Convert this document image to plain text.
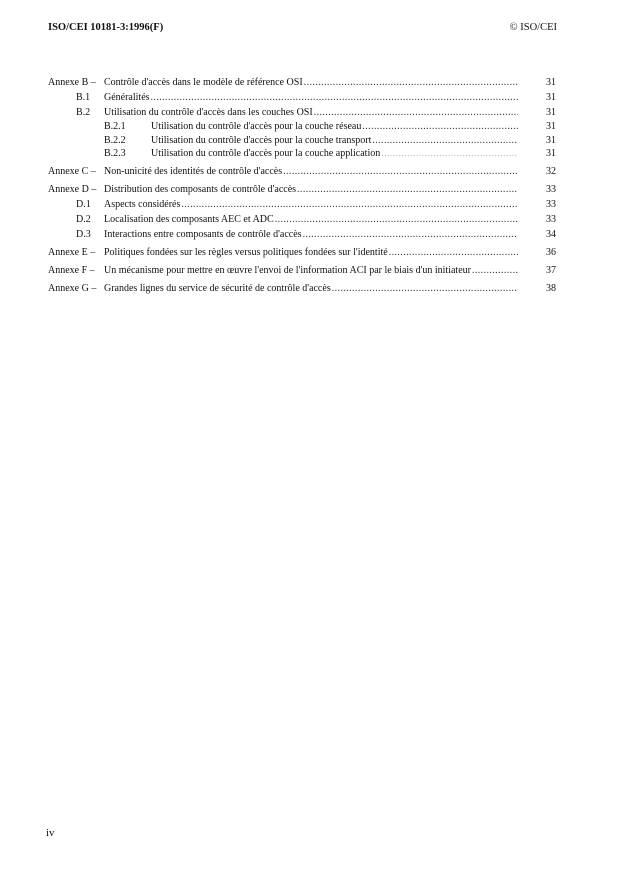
ISO/CEI 10181-3:1996(F)	© ISO/CEI
Annexe B – Contrôle d'accès dans le modèle de référence OSI .....	31
B.1 Généralités .....	31
B.2 Utilisation du contrôle d'accès dans les couches OSI .....	31
B.2.1	Utilisation du contrôle d'accès pour la couche réseau .....	31
B.2.2	Utilisation du contrôle d'accès pour la couche transport .....	31
B.2.3	Utilisation du contrôle d'accès pour la couche application .....	31
Annexe C – Non-unicité des identités de contrôle d'accès .....	32
Annexe D – Distribution des composants de contrôle d'accès .....	33
D.1 Aspects considérés .....	33
D.2 Localisation des composants AEC et ADC .....	33
D.3 Interactions entre composants de contrôle d'accès .....	34
Annexe E – Politiques fondées sur les règles versus politiques fondées sur l'identité .....	36
Annexe F – Un mécanisme pour mettre en œuvre l'envoi de l'information ACI par le biais d'un initiateur .....	37
Annexe G – Grandes lignes du service de sécurité de contrôle d'accès .....	38
iv
